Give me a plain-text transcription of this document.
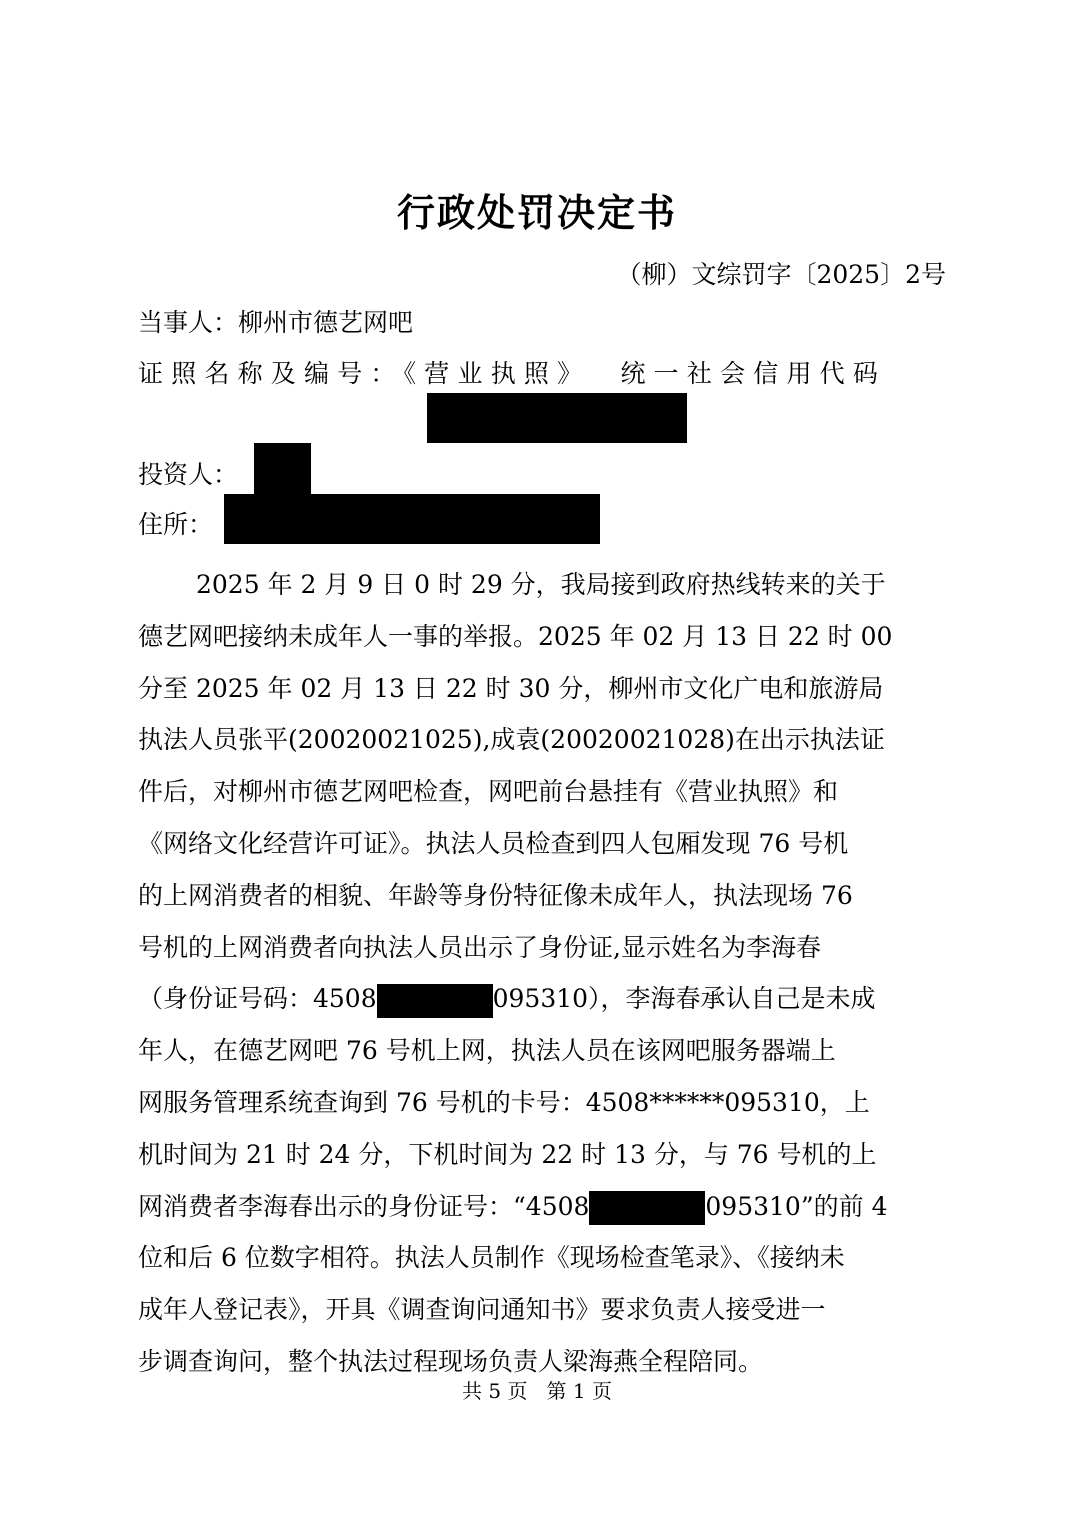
行政处罚决定书
（柳）文综罚字〔2025〕2号
当事人：柳州市德艺网吧
证照名称及编号：《营业执照》 统一社会信用代码
投资人：
住所：

2025 年 2 月 9 日 0 时 29 分，我局接到政府热线转来的关于

德艺网吧接纳未成年人一事的举报。2025 年 02 月 13 日 22 时 00

分至 2025 年 02 月 13 日 22 时 30 分，柳州市文化广电和旅游局

执法人员张平(20020021025),成袁(20020021028)在出示执法证

件后，对柳州市德艺网吧检查，网吧前台悬挂有《营业执照》和

《网络文化经营许可证》。执法人员检查到四人包厢发现 76 号机

的上网消费者的相貌、年龄等身份特征像未成年人，执法现场 76

号机的上网消费者向执法人员出示了身份证,显示姓名为李海春

（身份证号码：4508	095310），李海春承认自己是未成

年人，在德艺网吧 76 号机上网，执法人员在该网吧服务器端上

网服务管理系统查询到 76 号机的卡号：4508******095310，上

机时间为 21 时 24 分，下机时间为 22 时 13 分，与 76 号机的上

网消费者李海春出示的身份证号：“4508	095310”的前 4

位和后 6 位数字相符。执法人员制作《现场检查笔录》、《接纳未

成年人登记表》，开具《调查询问通知书》要求负责人接受进一

步调查询问，整个执法过程现场负责人梁海燕全程陪同。

共 5 页   第 1 页
